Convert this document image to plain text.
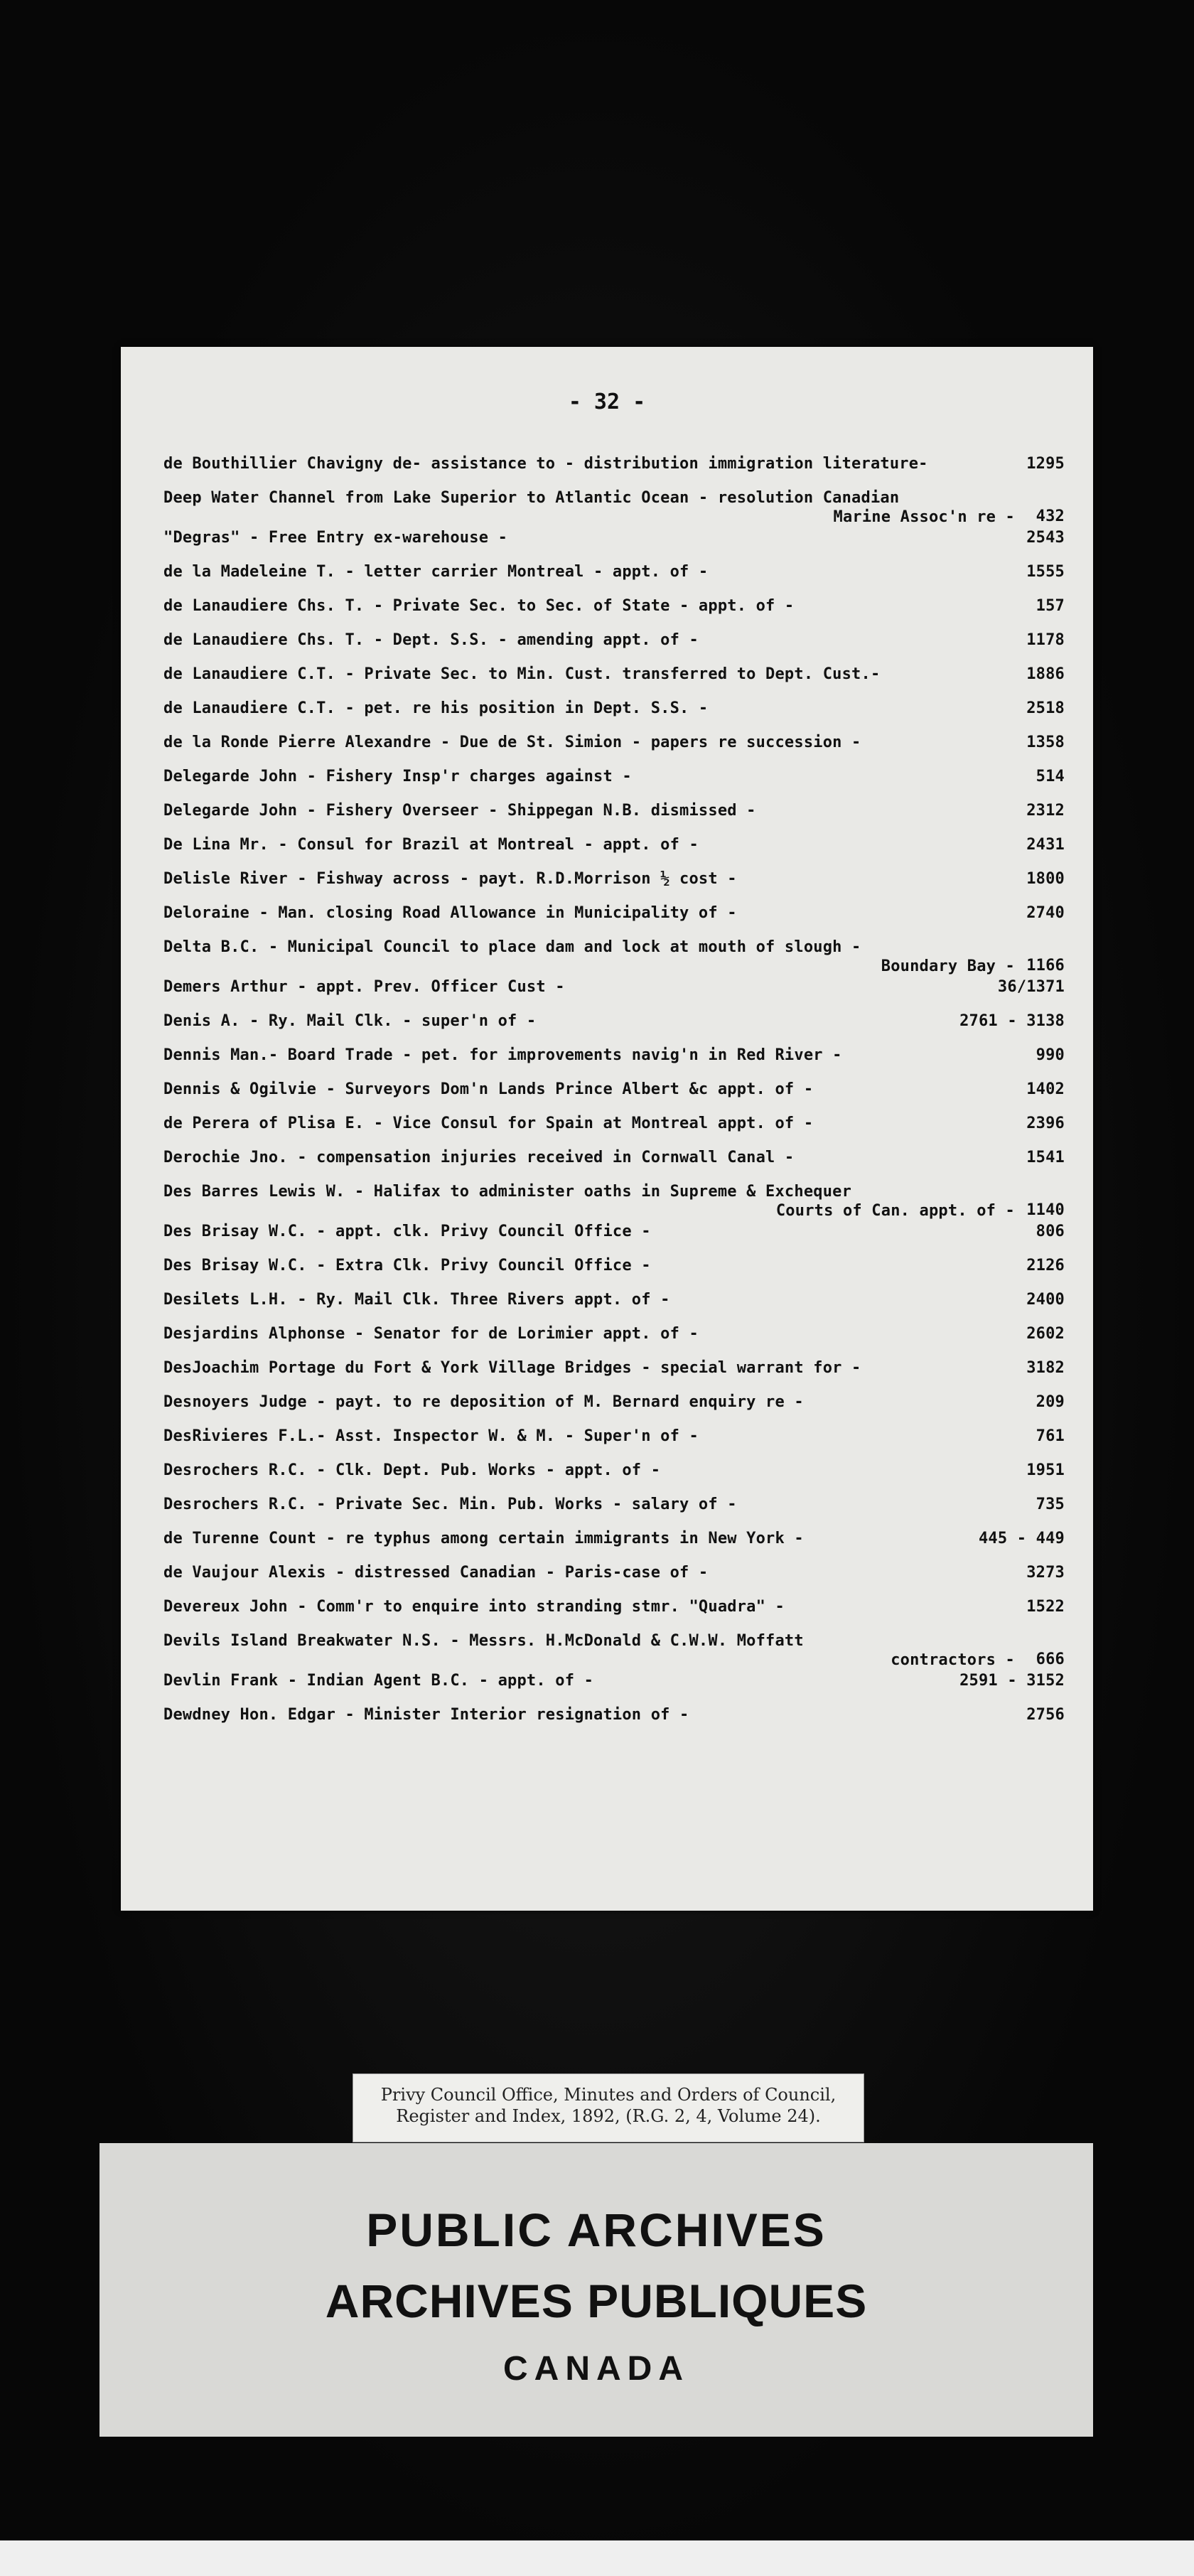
- 32 -
de Bouthillier Chavigny de- assistance to - distribution immigration literature-	1295
Deep Water Channel from Lake Superior to Atlantic Ocean - resolution Canadian
Marine Assoc'n re -	432
"Degras" - Free Entry ex-warehouse -	2543
de la Madeleine T. - letter carrier Montreal - appt. of -	1555
de Lanaudiere Chs. T. - Private Sec. to Sec. of State - appt. of -	157
de Lanaudiere Chs. T. - Dept. S.S. - amending appt. of -	1178
de Lanaudiere C.T. - Private Sec. to Min. Cust. transferred to Dept. Cust.-	1886
de Lanaudiere C.T. - pet. re his position in Dept. S.S. -	2518
de la Ronde Pierre Alexandre - Due de St. Simion - papers re succession -	1358
Delegarde John - Fishery Insp'r charges against -	514
Delegarde John - Fishery Overseer - Shippegan N.B. dismissed -	2312
De Lina Mr. - Consul for Brazil at Montreal - appt. of -	2431
Delisle River - Fishway across - payt. R.D.Morrison ½ cost -	1800
Deloraine - Man. closing Road Allowance in Municipality of -	2740
Delta B.C. - Municipal Council to place dam and lock at mouth of slough -
Boundary Bay - 1166
Demers Arthur - appt. Prev. Officer Cust -	36/1371
Denis A. - Ry. Mail Clk. - super'n of -	2761 - 3138
Dennis Man.- Board Trade - pet. for improvements navig'n in Red River -	990
Dennis & Ogilvie - Surveyors Dom'n Lands Prince Albert &c appt. of -	1402
de Perera of Plisa E. - Vice Consul for Spain at Montreal appt. of -	2396
Derochie Jno. - compensation injuries received in Cornwall Canal -	1541
Des Barres Lewis W. - Halifax to administer oaths in Supreme & Exchequer
Courts of Can. appt. of - 1140
Des Brisay W.C. - appt. clk. Privy Council Office -	806
Des Brisay W.C. - Extra Clk. Privy Council Office -	2126
Desilets L.H. - Ry. Mail Clk. Three Rivers appt. of -	2400
Desjardins Alphonse - Senator for de Lorimier appt. of -	2602
DesJoachim Portage du Fort & York Village Bridges - special warrant for -	3182
Desnoyers Judge - payt. to re deposition of M. Bernard enquiry re -	209
DesRivieres F.L.- Asst. Inspector W. & M. - Super'n of -	761
Desrochers R.C. - Clk. Dept. Pub. Works - appt. of -	1951
Desrochers R.C. - Private Sec. Min. Pub. Works - salary of -	735
de Turenne Count - re typhus among certain immigrants in New York -	445 - 449
de Vaujour Alexis - distressed Canadian - Paris-case of -	3273
Devereux John - Comm'r to enquire into stranding stmr. "Quadra" -	1522
Devils Island Breakwater N.S. - Messrs. H.McDonald & C.W.W. Moffatt
contractors -	666
Devlin Frank - Indian Agent B.C. - appt. of -	2591 - 3152
Dewdney Hon. Edgar - Minister Interior resignation of -	2756
Privy Council Office, Minutes and Orders of Council,
Register and Index, 1892, (R.G. 2, 4, Volume 24).
PUBLIC ARCHIVES
ARCHIVES PUBLIQUES
CANADA
